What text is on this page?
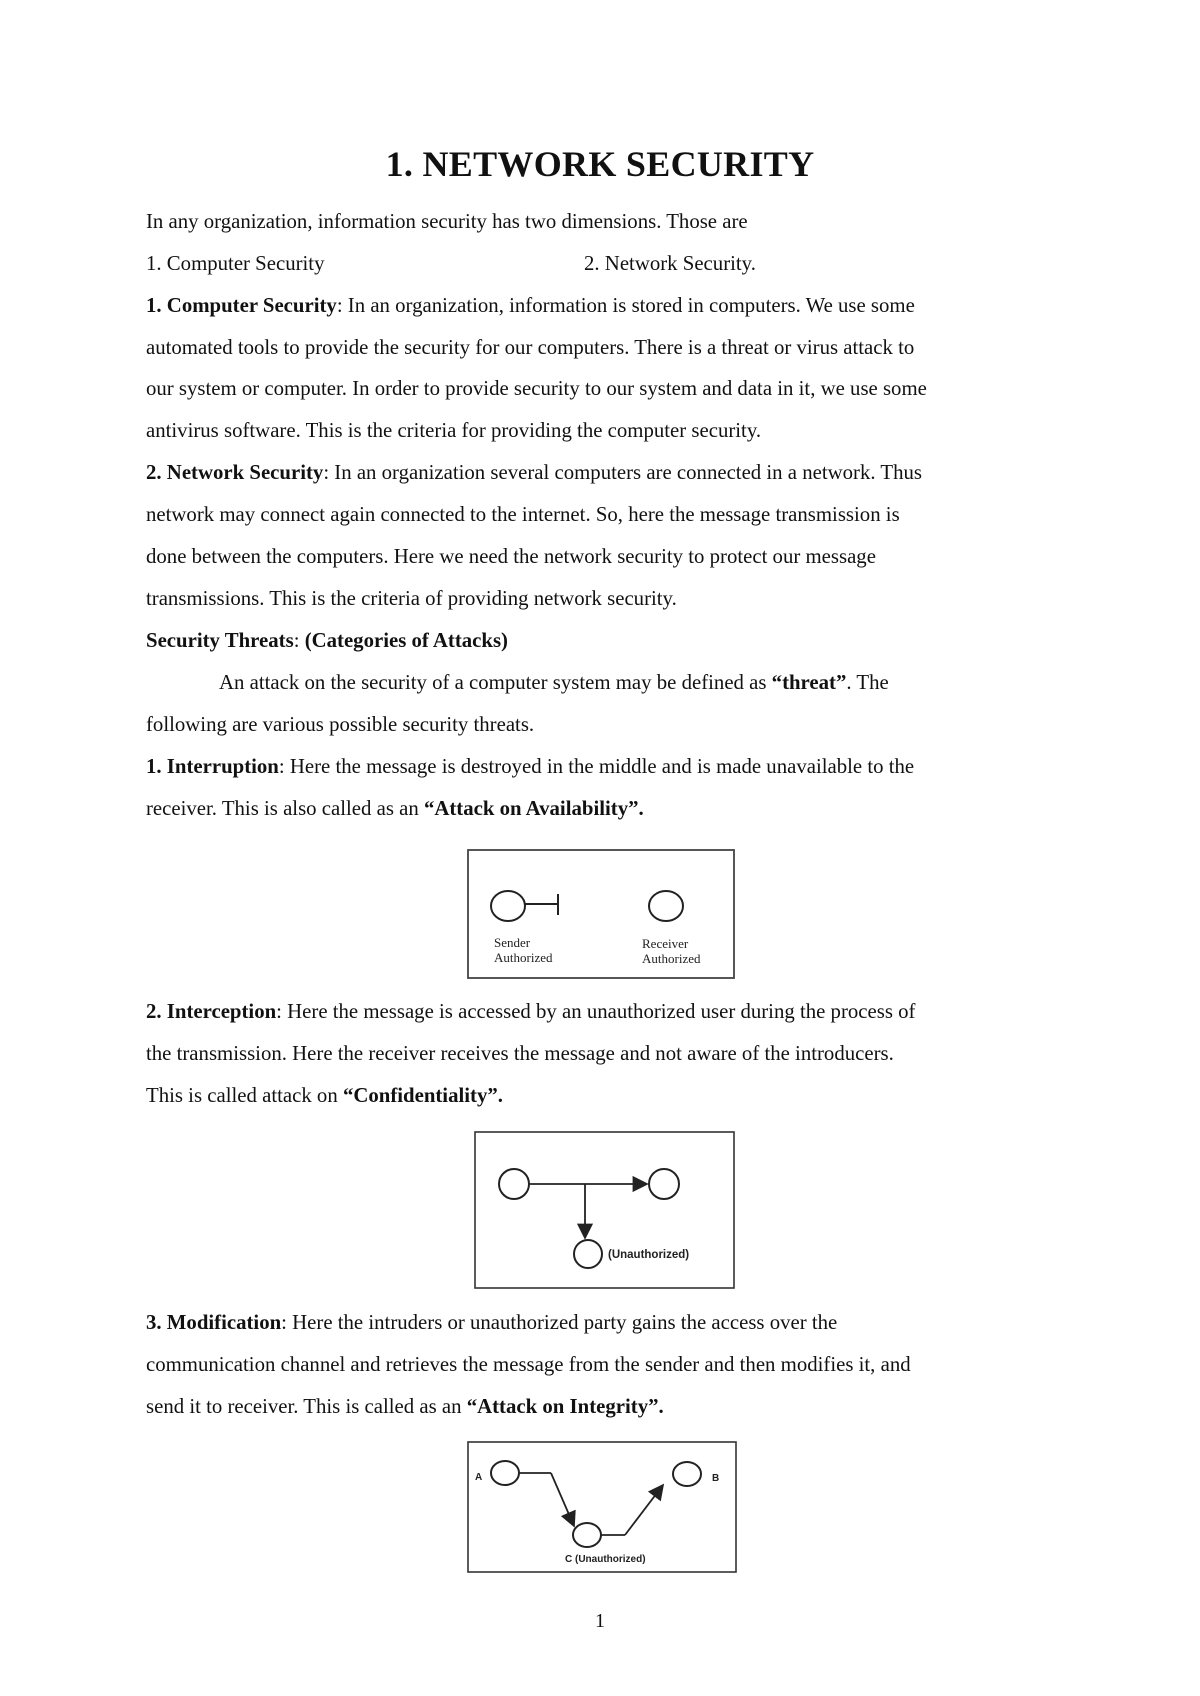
1. NETWORK SECURITY
In any organization, information security has two dimensions. Those are
1. Computer Security	2. Network Security.
1. Computer Security: In an organization, information is stored in computers. We use some
automated tools to provide the security for our computers. There is a threat or virus attack to
our system or computer. In order to provide security to our system and data in it, we use some
antivirus software. This is the criteria for providing the computer security.
2. Network Security: In an organization several computers are connected in a network. Thus
network may connect again connected to the internet. So, here the message transmission is
done between the computers. Here we need the network security to protect our message
transmissions. This is the criteria of providing network security.
Security Threats: (Categories of Attacks)
An attack on the security of a computer system may be defined as “threat”. The
following are various possible security threats.
1. Interruption: Here the message is destroyed in the middle and is made unavailable to the
receiver. This is also called as an “Attack on Availability”.
Sender
Authorized
Receiver
Authorized
2. Interception: Here the message is accessed by an unauthorized user during the process of
the transmission. Here the receiver receives the message and not aware of the introducers.
This is called attack on “Confidentiality”.
(Unauthorized)
3. Modification: Here the intruders or unauthorized party gains the access over the
communication channel and retrieves the message from the sender and then modifies it, and
send it to receiver. This is called as an “Attack on Integrity”.
A	B
C (Unauthorized)
1
